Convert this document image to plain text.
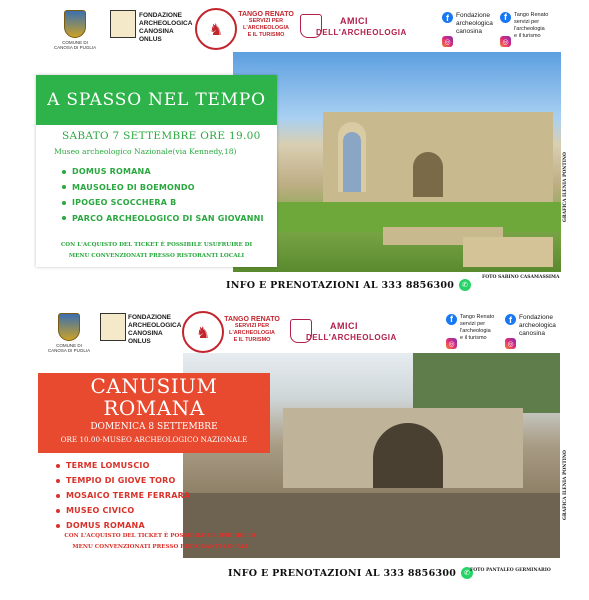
COMUNE DI
CANOSA DI PUGLIA
FONDAZIONE
ARCHEOLOGICA
CANOSINA
ONLUS
♞
TANGO RENATO
SERVIZI PER
L'ARCHEOLOGIA
E IL TURISMO
AMICI
DELL'ARCHEOLOGIA
f	Fondazione
archeologica
canosina
◎
f	Tango Renato
servizi per
l'archeologia
e il turismo
◎
GRAFICA ILENIA PONTINO
A SPASSO NEL TEMPO
SABATO 7 SETTEMBRE ORE 19.00
Museo archeologico Nazionale(via Kennedy,18)
DOMUS ROMANA
MAUSOLEO DI BOEMONDO
IPOGEO SCOCCHERA B
PARCO ARCHEOLOGICO DI SAN GIOVANNI
CON L'ACQUISTO DEL TICKET È POSSIBILE USUFRUIRE DI
MENU CONVENZIONATI PRESSO RISTORANTI LOCALI
FOTO SABINO CASAMASSIMA
INFO E PRENOTAZIONI AL 333 8856300	✆
COMUNE DI
CANOSA DI PUGLIA
FONDAZIONE
ARCHEOLOGICA
CANOSINA
ONLUS	♞
TANGO RENATO
SERVIZI PER
L'ARCHEOLOGIA
E IL TURISMO
AMICI
DELL'ARCHEOLOGIA
f	Tango Renato
servizi per
l'archeologia
e il turismo
◎
f	Fondazione
archeologica
canosina
◎
GRAFICA ILENIA PONTINO
CANUSIUM
ROMANA
DOMENICA 8 SETTEMBRE
ORE 10.00-MUSEO ARCHEOLOGICO NAZIONALE
TERME LOMUSCIO
TEMPIO DI GIOVE TORO
MOSAICO TERME FERRARA
MUSEO CIVICO
DOMUS ROMANA
CON L'ACQUISTO DEL TICKET È POSSIBILE USUFRUIRE DI
MENU CONVENZIONATI PRESSO RISTORANTI LOCALI
INFO E PRENOTAZIONI AL 333 8856300	✆ FOTO PANTALEO GERMINARIO
